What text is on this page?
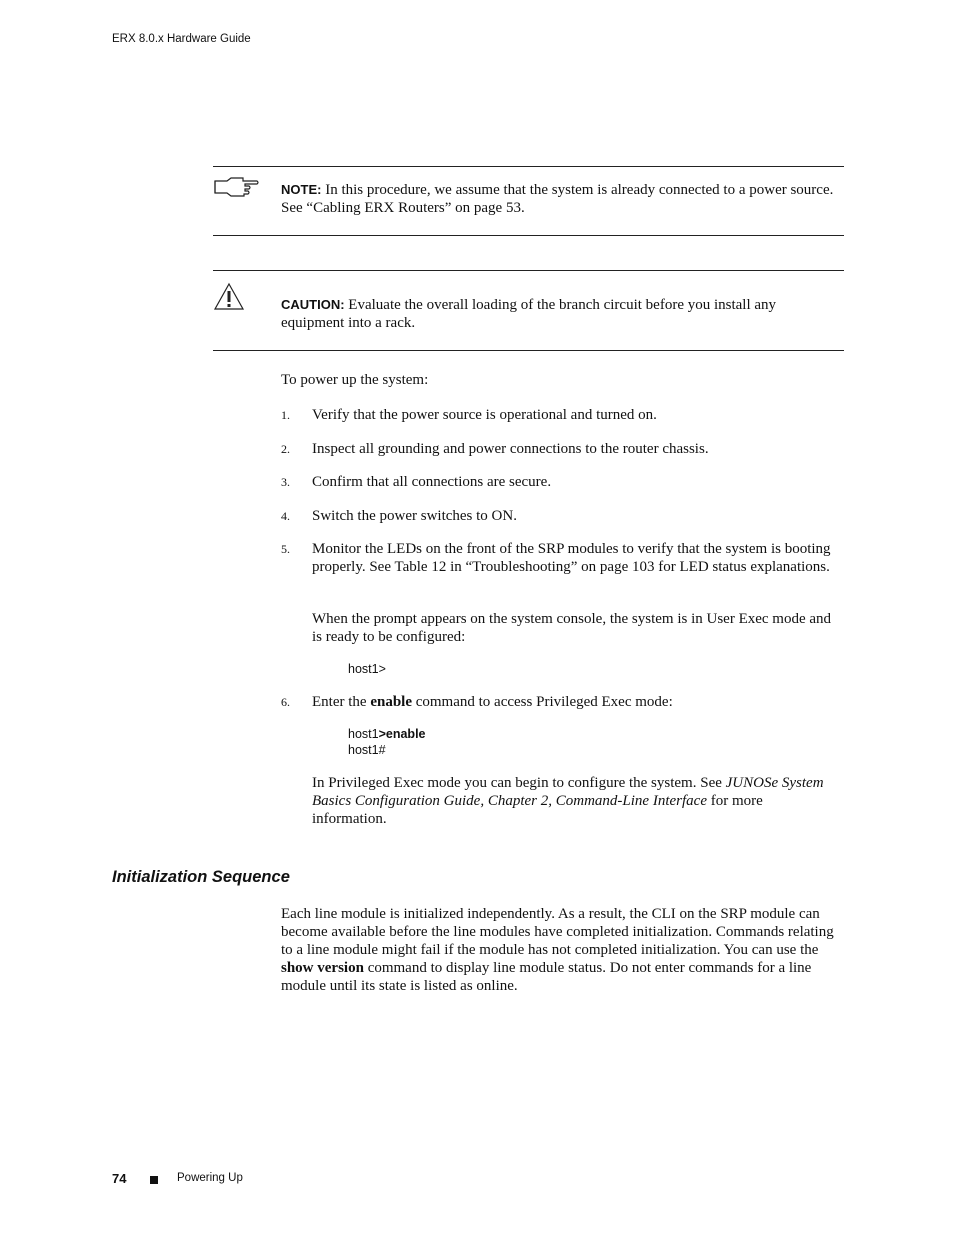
ERX 8.0.x Hardware Guide
NOTE: In this procedure, we assume that the system is already connected to a power source. See “Cabling ERX Routers” on page 53.
CAUTION: Evaluate the overall loading of the branch circuit before you install any equipment into a rack.
To power up the system:
1. Verify that the power source is operational and turned on.
2. Inspect all grounding and power connections to the router chassis.
3. Confirm that all connections are secure.
4. Switch the power switches to ON.
5. Monitor the LEDs on the front of the SRP modules to verify that the system is booting properly. See Table 12 in “Troubleshooting” on page 103 for LED status explanations.
When the prompt appears on the system console, the system is in User Exec mode and is ready to be configured:
host1>
6. Enter the enable command to access Privileged Exec mode:
host1>enable
host1#
In Privileged Exec mode you can begin to configure the system. See JUNOSe System Basics Configuration Guide, Chapter 2, Command-Line Interface for more information.
Initialization Sequence
Each line module is initialized independently. As a result, the CLI on the SRP module can become available before the line modules have completed initialization. Commands relating to a line module might fail if the module has not completed initialization. You can use the show version command to display line module status. Do not enter commands for a line module until its state is listed as online.
74	Powering Up
